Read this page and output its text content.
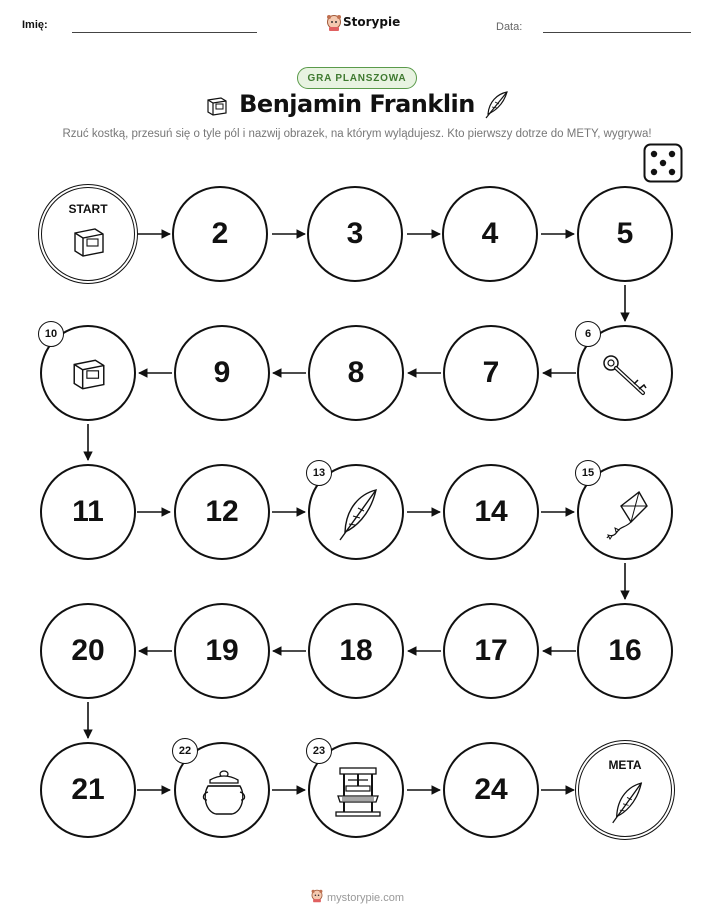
Imię:	Storypie	Data:
GRA PLANSZOWA
Benjamin Franklin
Rzuć kostką, przesuń się o tyle pól i nazwij obrazek, na którym wylądujesz. Kto pierwszy dotrze do METY, wygrywa!
START
2	3	4	5
10
9	8	7
6
11	12
13
14
15
20	19	18	17	16
21
22	23
24
META
mystorypie.com
